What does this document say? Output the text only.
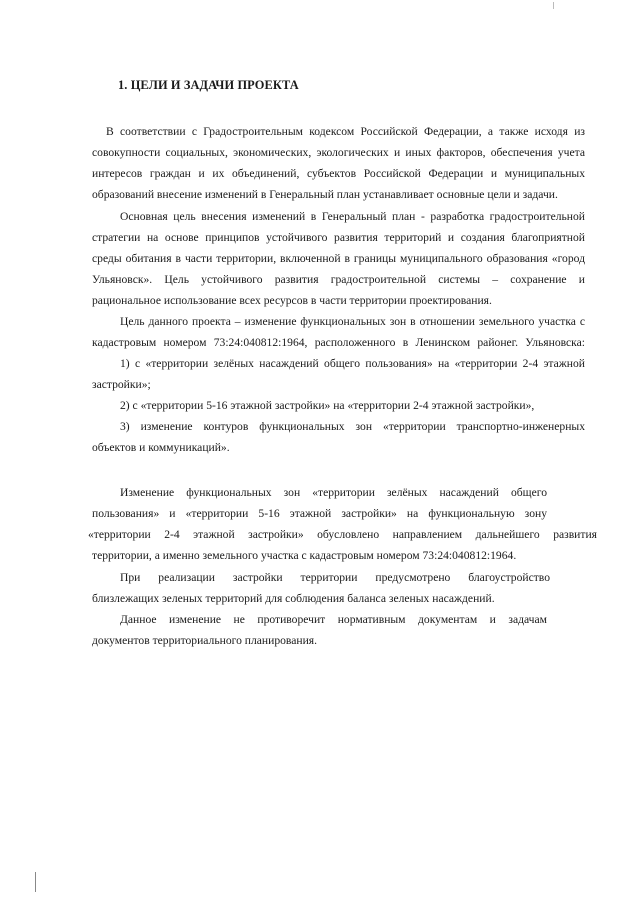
1. ЦЕЛИ И ЗАДАЧИ ПРОЕКТА
В соответствии с Градостроительным кодексом Российской Федерации, а также исходя из
совокупности социальных, экономических, экологических и иных факторов, обеспечения учета
интересов граждан и их объединений, субъектов Российской Федерации и муниципальных
образований внесение изменений в Генеральный план устанавливает основные цели и задачи.
Основная цель внесения изменений в Генеральный план - разработка градостроительной
стратегии на основе принципов устойчивого развития территорий и создания благоприятной
среды обитания в части территории, включенной в границы муниципального образования «город
Ульяновск». Цель устойчивого развития градостроительной системы – сохранение и
рациональное использование всех ресурсов в части территории проектирования.
Цель данного проекта – изменение функциональных зон в отношении земельного участка с
кадастровым номером 73:24:040812:1964, расположенного в Ленинском районег. Ульяновска:
1) с «территории зелёных насаждений общего пользования» на «территории 2-4 этажной
застройки»;
2) с «территории 5-16 этажной застройки» на «территории 2-4 этажной застройки»,
3) изменение контуров функциональных зон «территории транспортно-инженерных
объектов и коммуникаций».
Изменение функциональных зон «территории зелёных насаждений общего
пользования» и «территории 5-16 этажной застройки» на функциональную зону
«территории 2-4 этажной застройки» обусловлено направлением дальнейшего развития
территории, а именно земельного участка с кадастровым номером 73:24:040812:1964.
При реализации застройки территории предусмотрено благоустройство
близлежащих зеленых территорий для соблюдения баланса зеленых насаждений.
Данное изменение не противоречит нормативным документам и задачам
документов территориального планирования.
